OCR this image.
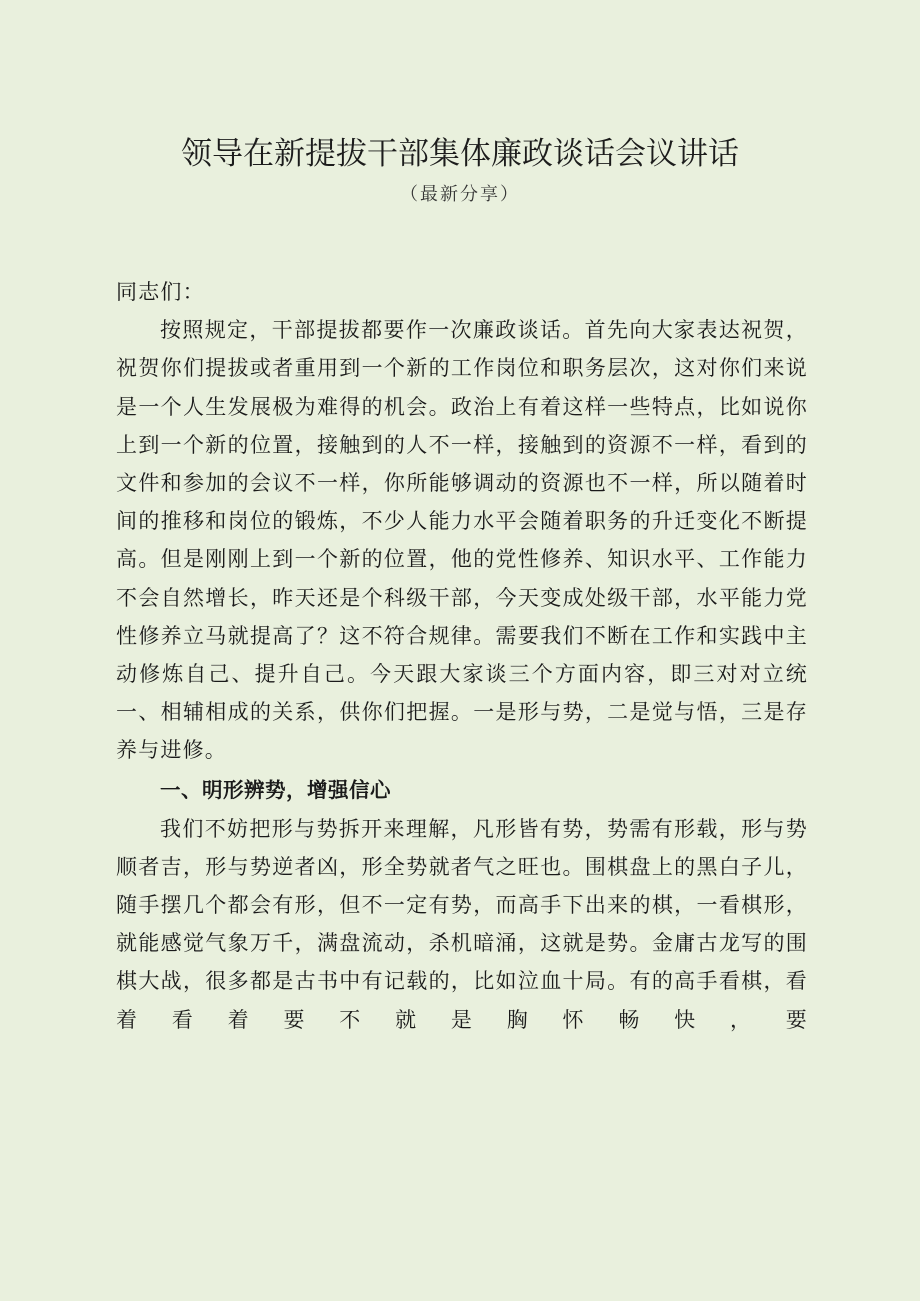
领导在新提拔干部集体廉政谈话会议讲话
（最新分享）

同志们：

按照规定，干部提拔都要作一次廉政谈话。首先向大家表达祝贺，祝贺你们提拔或者重用到一个新的工作岗位和职务层次，这对你们来说是一个人生发展极为难得的机会。政治上有着这样一些特点，比如说你上到一个新的位置，接触到的人不一样，接触到的资源不一样，看到的文件和参加的会议不一样，你所能够调动的资源也不一样，所以随着时间的推移和岗位的锻炼，不少人能力水平会随着职务的升迁变化不断提高。但是刚刚上到一个新的位置，他的党性修养、知识水平、工作能力不会自然增长，昨天还是个科级干部，今天变成处级干部，水平能力党性修养立马就提高了？这不符合规律。需要我们不断在工作和实践中主动修炼自己、提升自己。今天跟大家谈三个方面内容，即三对对立统一、相辅相成的关系，供你们把握。一是形与势，二是觉与悟，三是存养与进修。

一、明形辨势，增强信心

我们不妨把形与势拆开来理解，凡形皆有势，势需有形载，形与势顺者吉，形与势逆者凶，形全势就者气之旺也。围棋盘上的黑白子儿，随手摆几个都会有形，但不一定有势，而高手下出来的棋，一看棋形，就能感觉气象万千，满盘流动，杀机暗涌，这就是势。金庸古龙写的围棋大战，很多都是古书中有记载的，比如泣血十局。有的高手看棋，看着看着要不就是胸怀畅快，要
